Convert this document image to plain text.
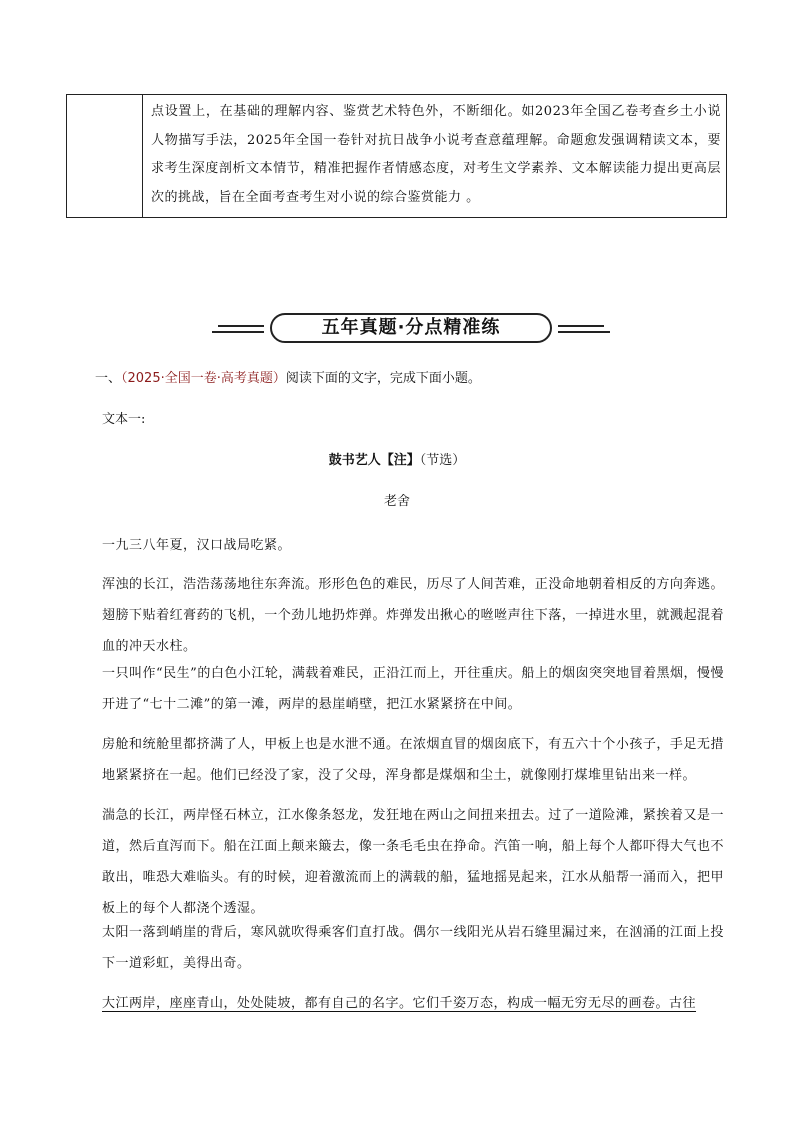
点设置上，在基础的理解内容、鉴赏艺术特色外，不断细化。如2023年全国乙卷考查乡土小说人物描写手法，2025年全国一卷针对抗日战争小说考查意蕴理解。命题愈发强调精读文本，要求考生深度剖析文本情节，精准把握作者情感态度，对考生文学素养、文本解读能力提出更高层次的挑战，旨在全面考查考生对小说的综合鉴赏能力 。
五年真题·分点精准练
一、（2025·全国一卷·高考真题）阅读下面的文字，完成下面小题。
文本一:
鼓书艺人【注】（节选）
老舍
一九三八年夏，汉口战局吃紧。
浑浊的长江，浩浩荡荡地往东奔流。形形色色的难民，历尽了人间苦难，正没命地朝着相反的方向奔逃。翅膀下贴着红膏药的飞机，一个劲儿地扔炸弹。炸弹发出揪心的咝咝声往下落，一掉进水里，就溅起混着血的冲天水柱。
一只叫作“民生”的白色小江轮，满载着难民，正沿江而上，开往重庆。船上的烟囱突突地冒着黑烟，慢慢开进了“七十二滩”的第一滩，两岸的悬崖峭壁，把江水紧紧挤在中间。
房舱和统舱里都挤满了人，甲板上也是水泄不通。在浓烟直冒的烟囱底下，有五六十个小孩子，手足无措地紧紧挤在一起。他们已经没了家，没了父母，浑身都是煤烟和尘土，就像刚打煤堆里钻出来一样。
湍急的长江，两岸怪石林立，江水像条怒龙，发狂地在两山之间扭来扭去。过了一道险滩，紧挨着又是一道，然后直泻而下。船在江面上颠来簸去，像一条毛毛虫在挣命。汽笛一响，船上每个人都吓得大气也不敢出，唯恐大难临头。有的时候，迎着激流而上的满载的船，猛地摇晃起来，江水从船帮一涌而入，把甲板上的每个人都浇个透湿。
太阳一落到峭崖的背后，寒风就吹得乘客们直打战。偶尔一线阳光从岩石缝里漏过来，在汹涌的江面上投下一道彩虹，美得出奇。
大江两岸，座座青山，处处陡坡，都有自己的名字。它们千姿万态，构成一幅无穷无尽的画卷。古往
